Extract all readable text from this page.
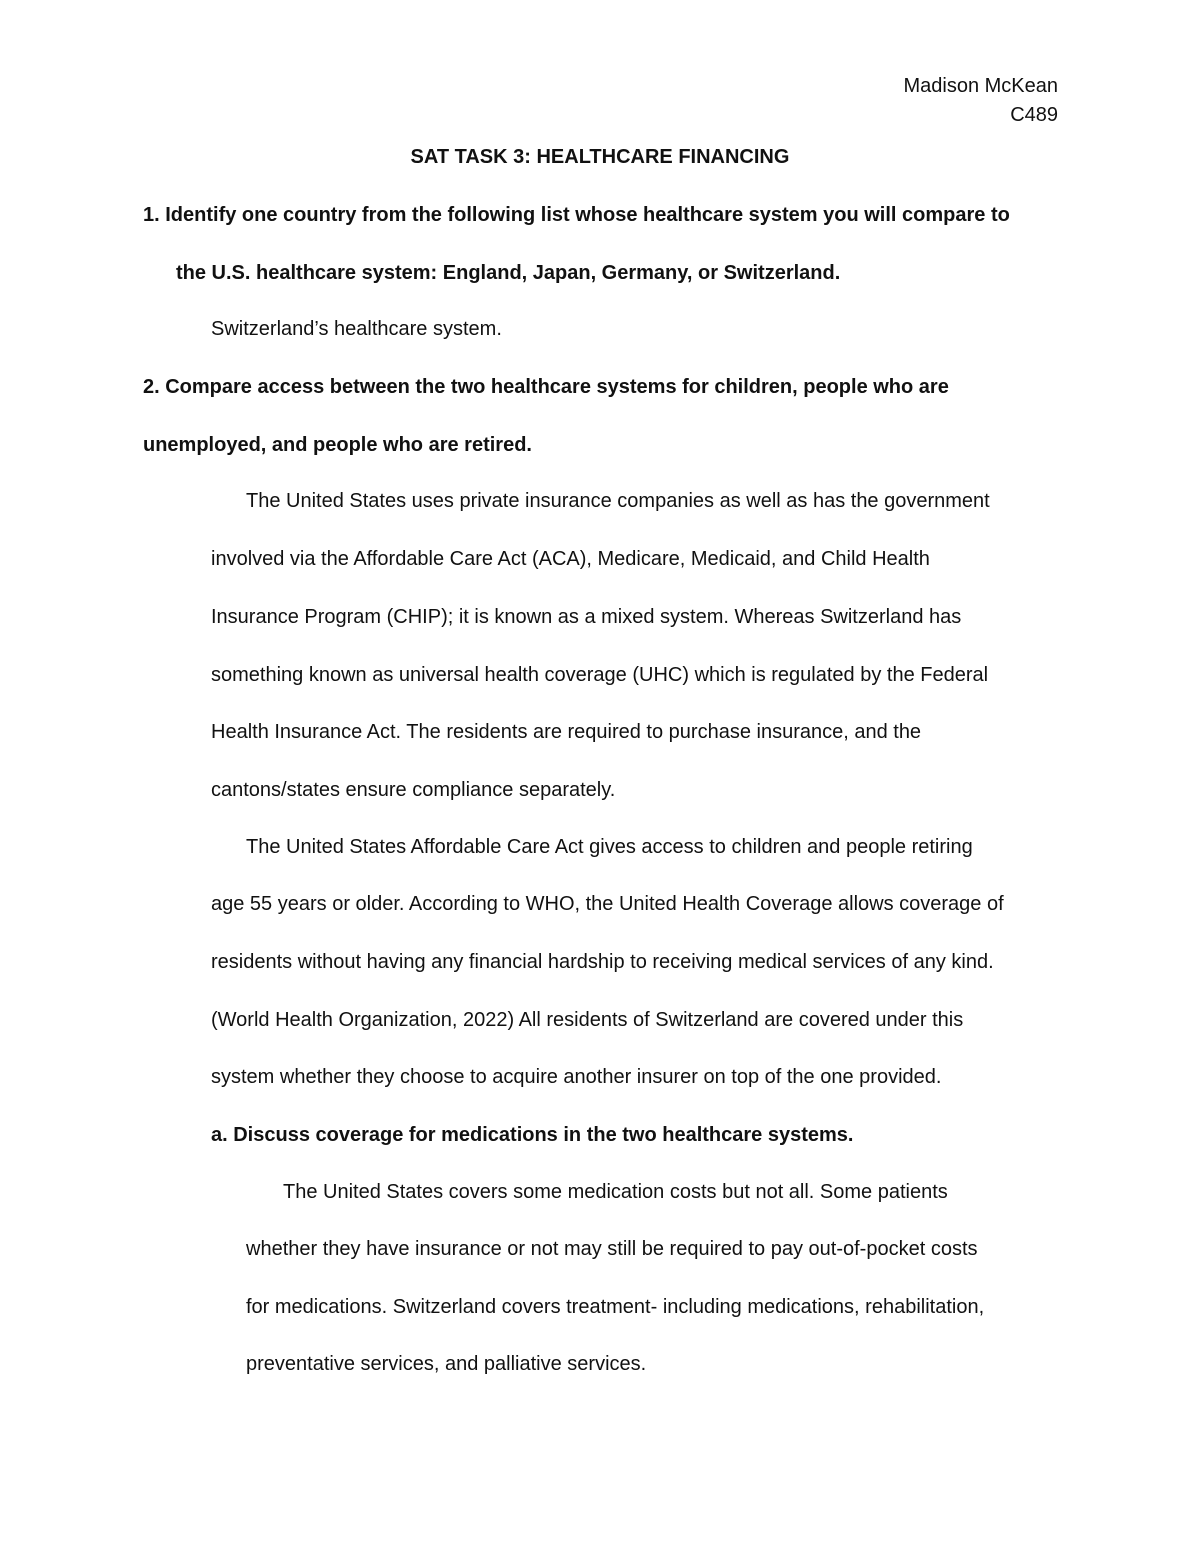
Madison McKean
C489
SAT TASK 3: HEALTHCARE FINANCING
1. Identify one country from the following list whose healthcare system you will compare to
the U.S. healthcare system: England, Japan, Germany, or Switzerland.
Switzerland’s healthcare system.
2. Compare access between the two healthcare systems for children, people who are
unemployed, and people who are retired.
The United States uses private insurance companies as well as has the government
involved via the Affordable Care Act (ACA), Medicare, Medicaid, and Child Health
Insurance Program (CHIP); it is known as a mixed system. Whereas Switzerland has
something known as universal health coverage (UHC) which is regulated by the Federal
Health Insurance Act. The residents are required to purchase insurance, and the
cantons/states ensure compliance separately.
The United States Affordable Care Act gives access to children and people retiring
age 55 years or older. According to WHO, the United Health Coverage allows coverage of
residents without having any financial hardship to receiving medical services of any kind.
(World Health Organization, 2022) All residents of Switzerland are covered under this
system whether they choose to acquire another insurer on top of the one provided.
a. Discuss coverage for medications in the two healthcare systems.
The United States covers some medication costs but not all. Some patients
whether they have insurance or not may still be required to pay out-of-pocket costs
for medications. Switzerland covers treatment- including medications, rehabilitation,
preventative services, and palliative services.
